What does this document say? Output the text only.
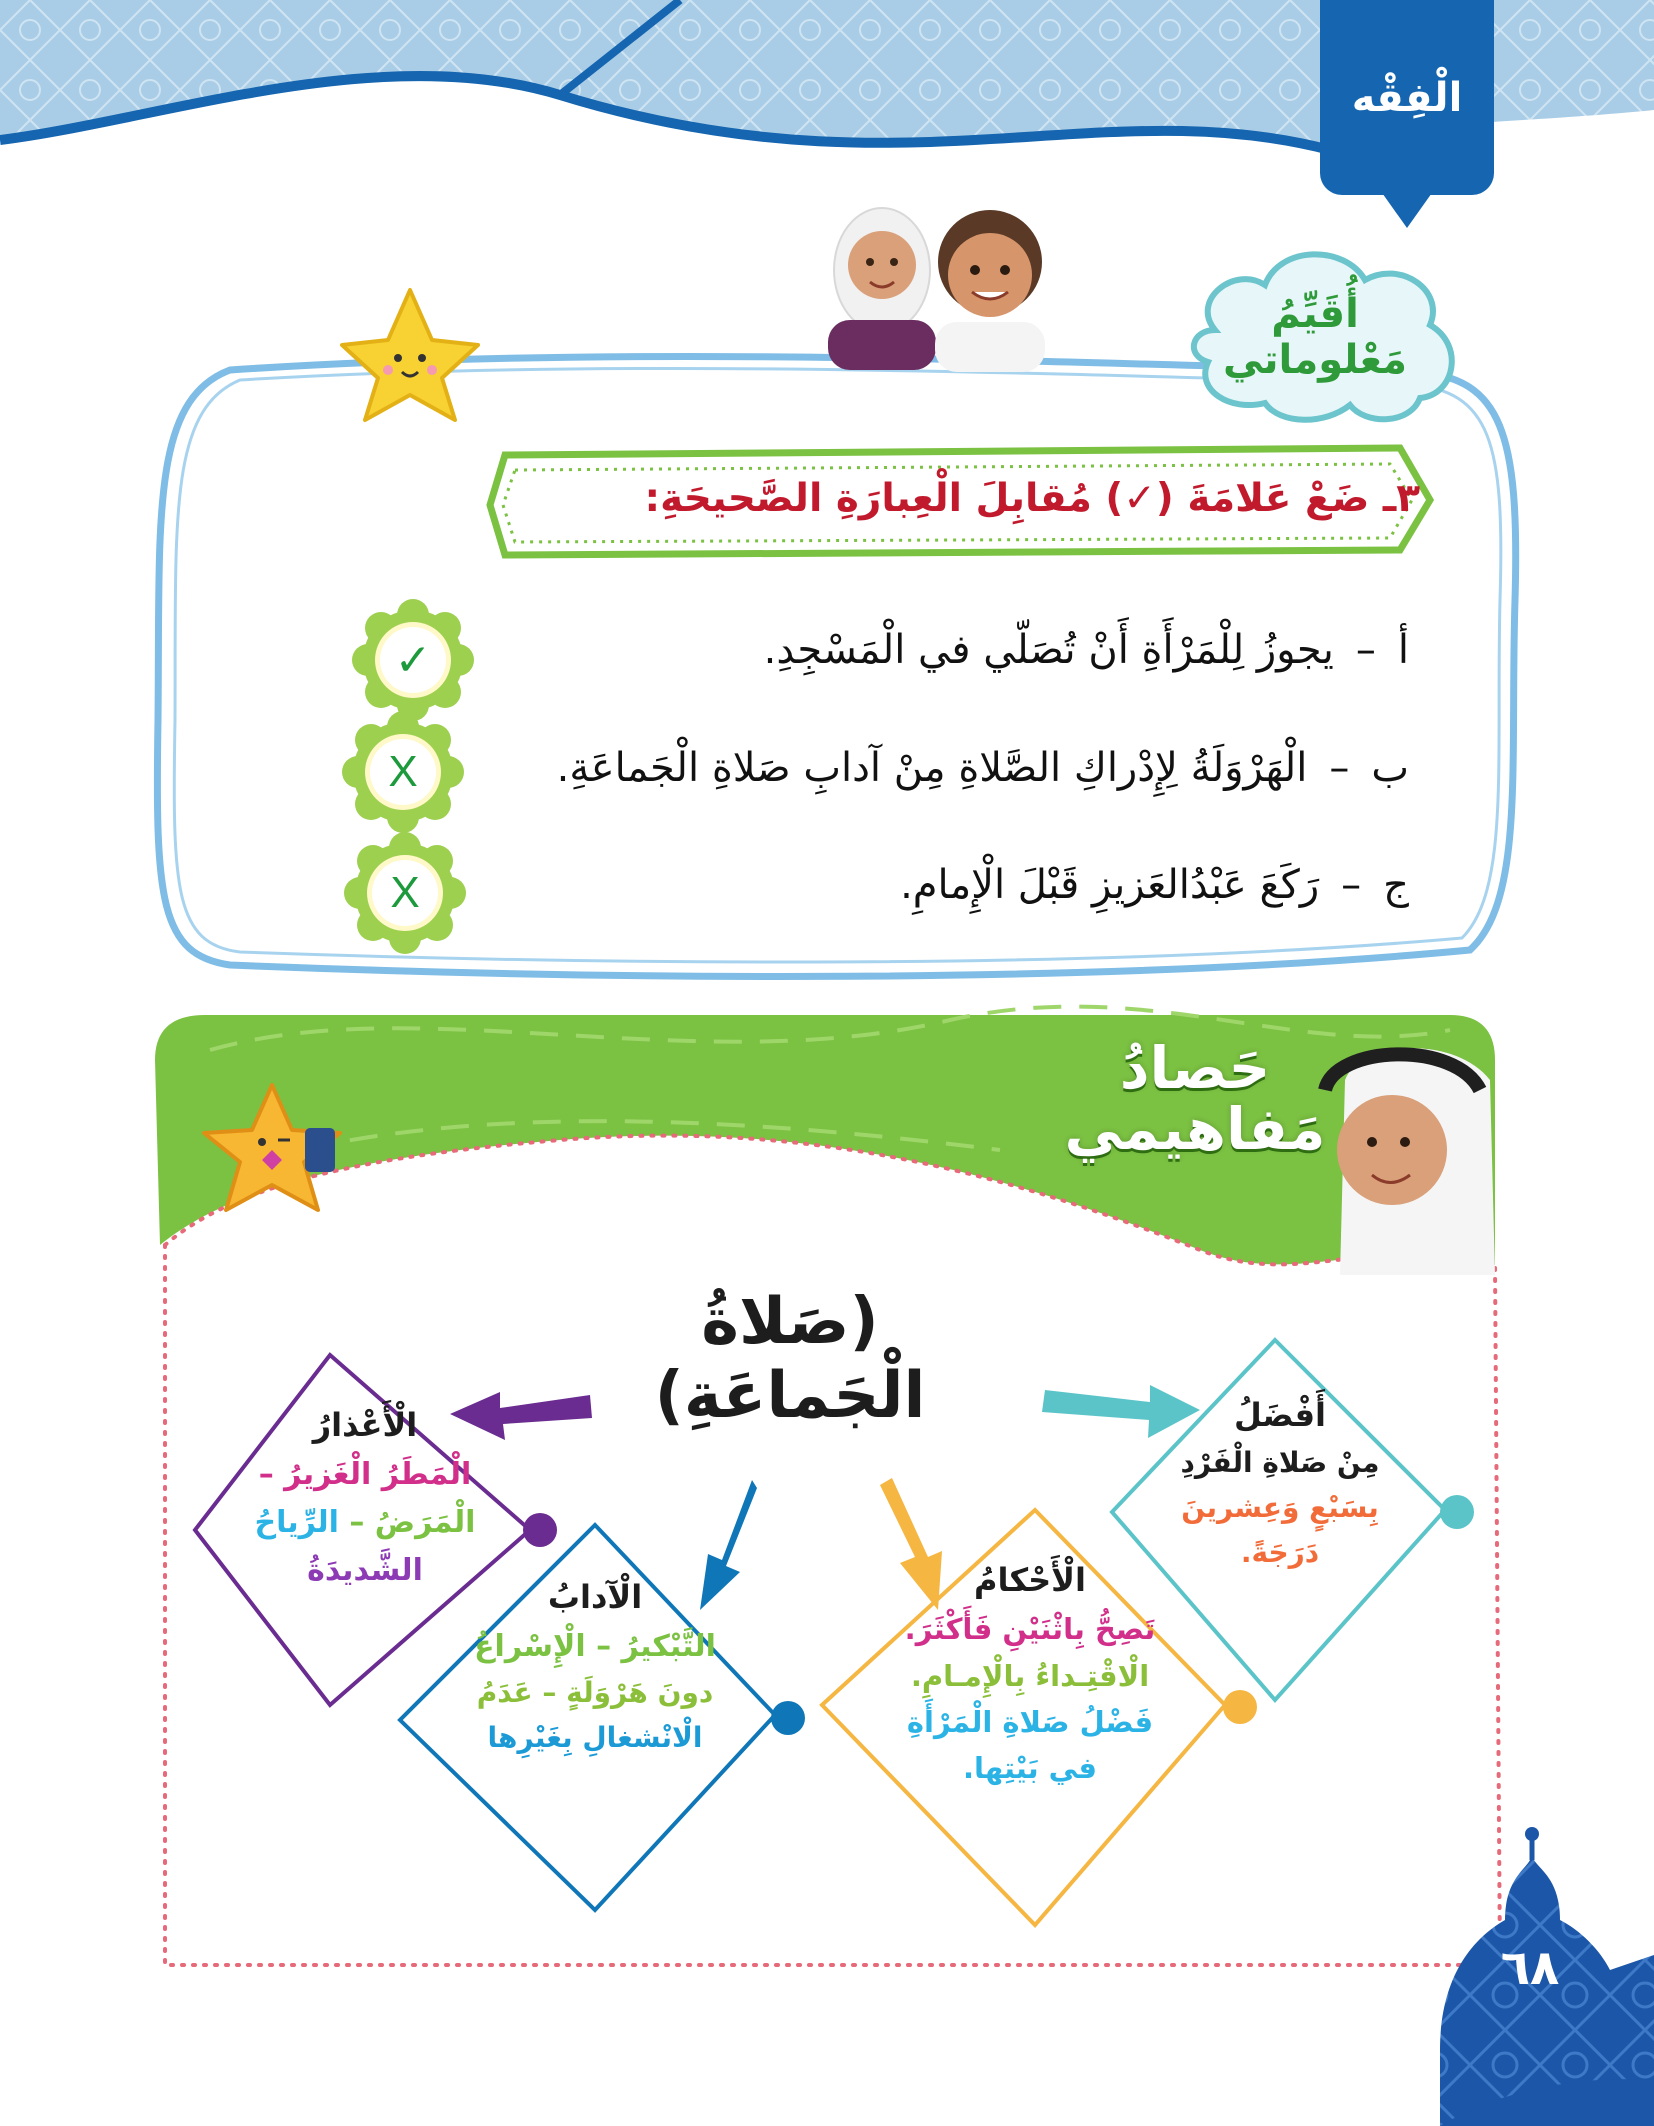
الْفِقْه
أُقَيِّمُ
مَعْلوماتي
٣ـ ضَعْ عَلامَةَ (✓) مُقابِلَ الْعِبارَةِ الصَّحيحَةِ:
أ–يجوزُ لِلْمَرْأَةِ أَنْ تُصَلّي في الْمَسْجِدِ.
ب–الْهَرْوَلَةُ لِإِدْراكِ الصَّلاةِ مِنْ آدابِ صَلاةِ الْجَماعَةِ.
ج–رَكَعَ عَبْدُالعَزيزِ قَبْلَ الْإِمامِ.
✓
X
X
حَصادُ
مَفاهيمي
(صَلاةُ الْجَماعَةِ)
الْأَعْذارُ
الْمَطَرُ الْغَزيرُ –
الْمَرَضُ – الرِّياحُ
الشَّديدَةُ
الْآدابُ
التَّبْكيرُ – الْإِسْراعُ
دونَ هَرْوَلَةٍ – عَدَمُ
الْانْشغالِ بِغَيْرِها
الْأَحْكامُ
تَصِحُّ بِاثْنَيْنِ فَأَكْثَرَ.
الْاقْتِـداءُ بِالْإِمـامِ.
فَضْلُ صَلاةِ الْمَرْأَةِ
في بَيْتِها.
أَفْضَلُ
مِنْ صَلاةِ الْفَرْدِ
بِسَبْعٍ وَعِشرينَ
دَرَجَةً.
٦٨
